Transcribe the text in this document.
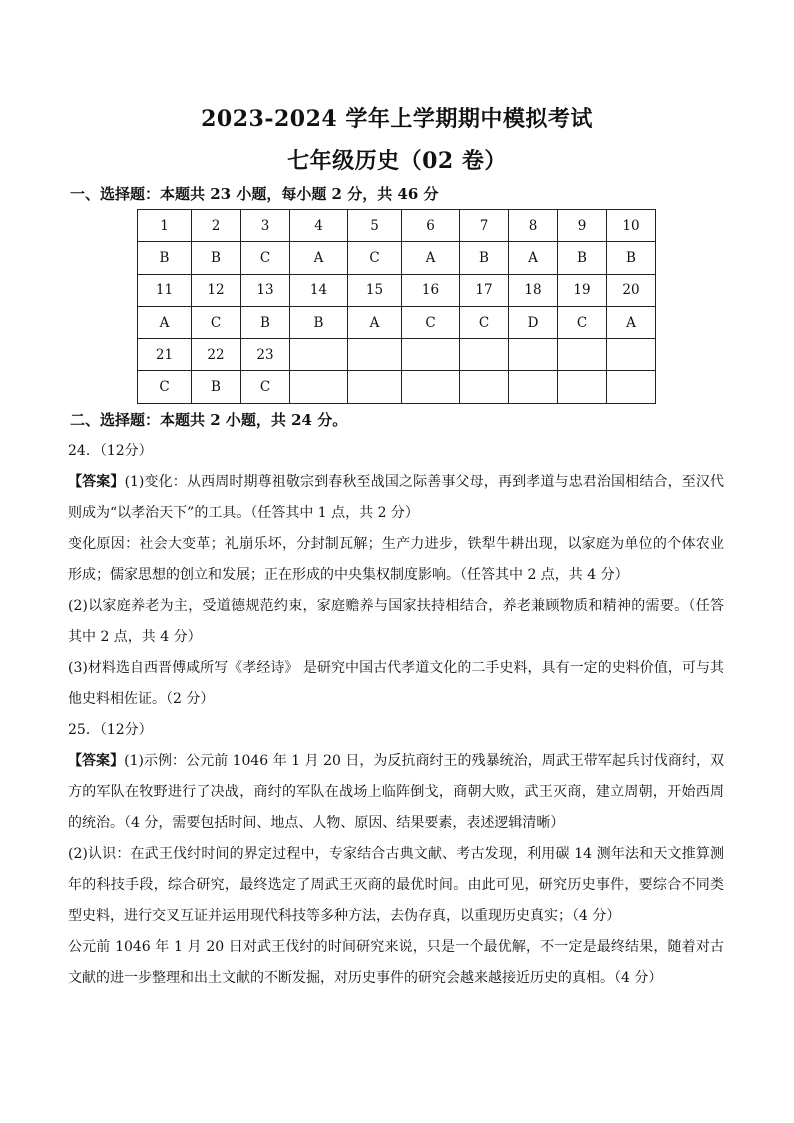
2023-2024 学年上学期期中模拟考试
七年级历史（02 卷）
一、选择题：本题共 23 小题，每小题 2 分，共 46 分
1	2	3	4	5	6	7	8	9	10
B	B	C	A	C	A	B	A	B	B
11	12	13	14	15	16	17	18	19	20
A	C	B	B	A	C	C	D	C	A
21	22	23							
C	B	C							
二、选择题：本题共 2 小题，共 24 分。

24．（12分）

【答案】(1)变化：从西周时期尊祖敬宗到春秋至战国之际善事父母，再到孝道与忠君治国相结合，至汉代则成为“以孝治天下”的工具。（任答其中 1 点，共 2 分）

变化原因：社会大变革；礼崩乐坏，分封制瓦解；生产力进步，铁犁牛耕出现，以家庭为单位的个体农业形成；儒家思想的创立和发展；正在形成的中央集权制度影响。（任答其中 2 点，共 4 分）

(2)以家庭养老为主，受道德规范约束，家庭赡养与国家扶持相结合，养老兼顾物质和精神的需要。（任答其中 2 点，共 4 分）

(3)材料选自西晋傅咸所写《孝经诗》 是研究中国古代孝道文化的二手史料，具有一定的史料价值，可与其他史料相佐证。（2 分）

25．（12分）

【答案】(1)示例：公元前 1046 年 1 月 20 日，为反抗商纣王的残暴统治，周武王带军起兵讨伐商纣，双方的军队在牧野进行了决战，商纣的军队在战场上临阵倒戈，商朝大败，武王灭商，建立周朝，开始西周的统治。（4 分，需要包括时间、地点、人物、原因、结果要素，表述逻辑清晰）

(2)认识：在武王伐纣时间的界定过程中，专家结合古典文献、考古发现，利用碳 14 测年法和天文推算测年的科技手段，综合研究，最终选定了周武王灭商的最优时间。由此可见，研究历史事件，要综合不同类型史料，进行交叉互证并运用现代科技等多种方法，去伪存真，以重现历史真实；（4 分）

公元前 1046 年 1 月 20 日对武王伐纣的时间研究来说，只是一个最优解，不一定是最终结果，随着对古文献的进一步整理和出土文献的不断发掘，对历史事件的研究会越来越接近历史的真相。（4 分）
